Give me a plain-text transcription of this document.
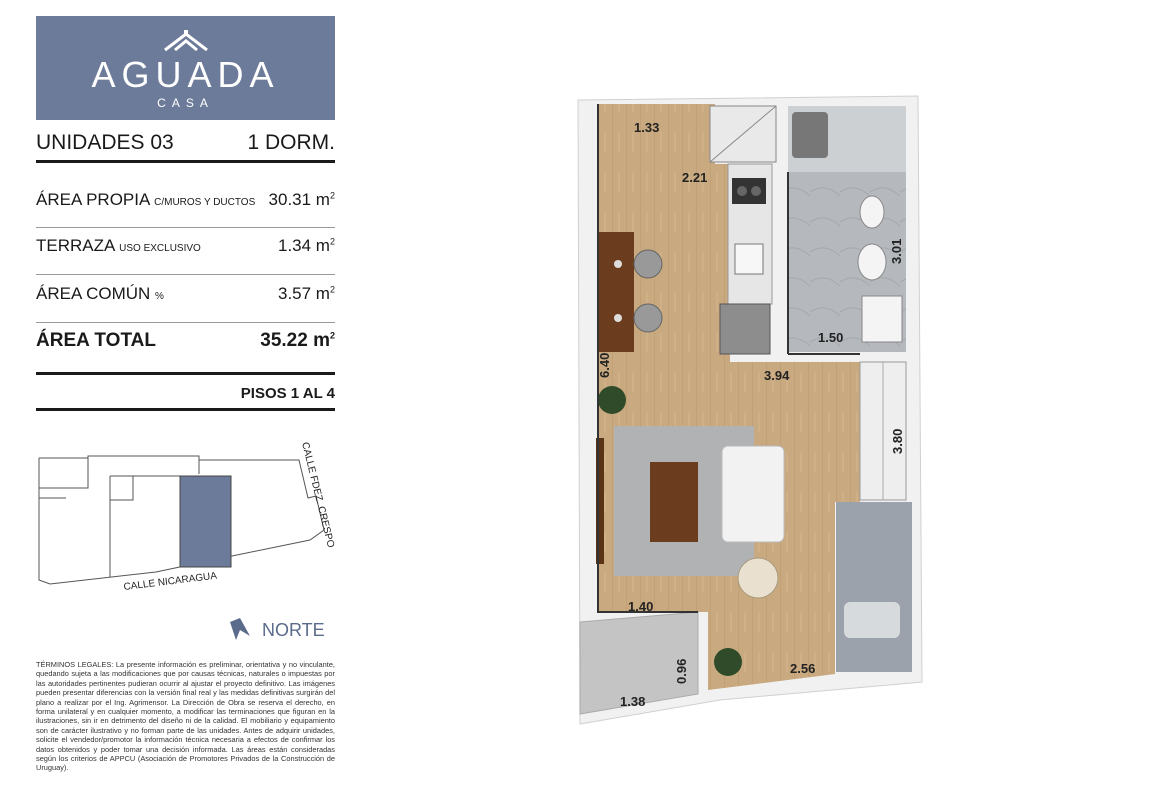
AGUADA
CASA
UNIDADES 03	1 DORM.
ÁREA PROPIA C/MUROS Y DUCTOS 30.31 $m^2$
TERRAZA USO EXCLUSIVO	1.34 $m^2$
ÁREA COMÚN %	3.57 $m^2$
ÁREA TOTAL	35.22 $m^2$
PISOS 1 AL 4
CALLE NICARAGUA
CALLE FDEZ. CRESPO
NORTE
TÉRMINOS LEGALES: La presente información es preliminar, orientativa y no vinculante, quedando sujeta a las modificaciones que por causas técnicas, naturales o impuestas por las autoridades pertinentes pudieran ocurrir al ajustar el proyecto definitivo. Las imágenes pueden presentar diferencias con la versión final real y las medidas definitivas surgirán del plano a realizar por el Ing. Agrimensor. La Dirección de Obra se reserva el derecho, en forma unilateral y en cualquier momento, a modificar las terminaciones que figuran en la ilustraciones, sin ir en detrimento del diseño ni de la calidad. El mobiliario y equipamiento son de carácter ilustrativo y no forman parte de las unidades. Antes de adquirir unidades, solicite el vendedor/promotor la información técnica necesaria a efectos de confirmar los datos obtenidos y poder tomar una decisión informada. Las áreas están consideradas según los criterios de APPCU (Asociación de Promotores Privados de la Construcción de Uruguay).
1.33
2.21
3.01
1.50
6.40	3.94
3.80
1.40
0.96
1.38
2.56
